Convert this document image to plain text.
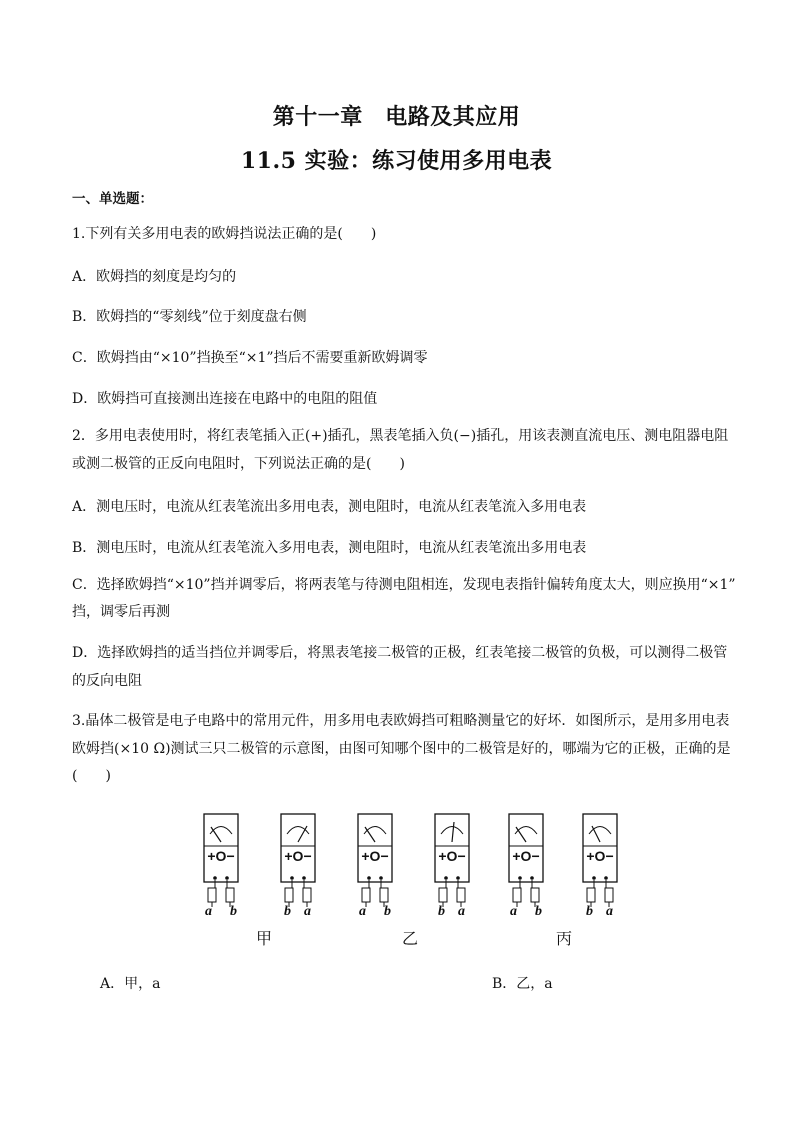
第十一章　电路及其应用
11.5 实验：练习使用多用电表
一、单选题：
1.下列有关多用电表的欧姆挡说法正确的是(　　)
A．欧姆挡的刻度是均匀的
B．欧姆挡的“零刻线”位于刻度盘右侧
C．欧姆挡由“×10”挡换至“×1”挡后不需要重新欧姆调零
D．欧姆挡可直接测出连接在电路中的电阻的阻值
2．多用电表使用时，将红表笔插入正(+)插孔，黑表笔插入负(−)插孔，用该表测直流电压、测电阻器电阻
或测二极管的正反向电阻时，下列说法正确的是(　　)
A．测电压时，电流从红表笔流出多用电表，测电阻时，电流从红表笔流入多用电表
B．测电压时，电流从红表笔流入多用电表，测电阻时，电流从红表笔流出多用电表
C．选择欧姆挡“×10”挡并调零后，将两表笔与待测电阻相连，发现电表指针偏转角度太大，则应换用“×1”
挡，调零后再测
D．选择欧姆挡的适当挡位并调零后，将黑表笔接二极管的正极，红表笔接二极管的负极，可以测得二极管
的反向电阻
3.晶体二极管是电子电路中的常用元件，用多用电表欧姆挡可粗略测量它的好坏．如图所示，是用多用电表
欧姆挡(×10 Ω)测试三只二极管的示意图，由图可知哪个图中的二极管是好的，哪端为它的正极，正确的是
(　　)
+O−
a b
+O−
b a
+O−
a b
+O−
b a
+O−
a b
+O−
b a
甲	乙	丙
A．甲，a	B．乙，a
